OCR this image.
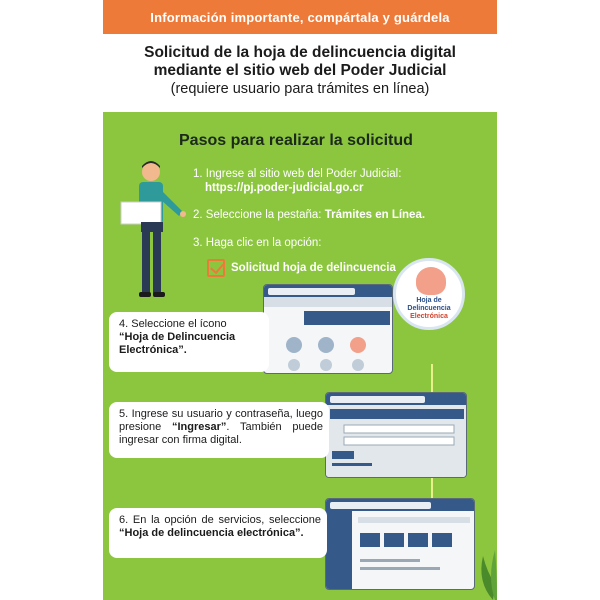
Información importante, compártala y guárdela
Solicitud de la hoja de delincuencia digital
mediante el sitio web del Poder Judicial
(requiere usuario para trámites en línea)
Pasos para realizar la solicitud
1. Ingrese al sitio web del Poder Judicial:
https://pj.poder-judicial.go.cr
2. Seleccione la pestaña: Trámites en Línea.
3. Haga clic en la opción:
Solicitud hoja de delincuencia
Hoja de
Delincuencia
Electrónica
4. Seleccione el ícono
“Hoja de Delincuencia Electrónica”.
5. Ingrese su usuario y contraseña, luego presione “Ingresar”. También puede ingresar con firma digital.
6. En la opción de servicios, seleccione “Hoja de delincuencia electrónica”.
